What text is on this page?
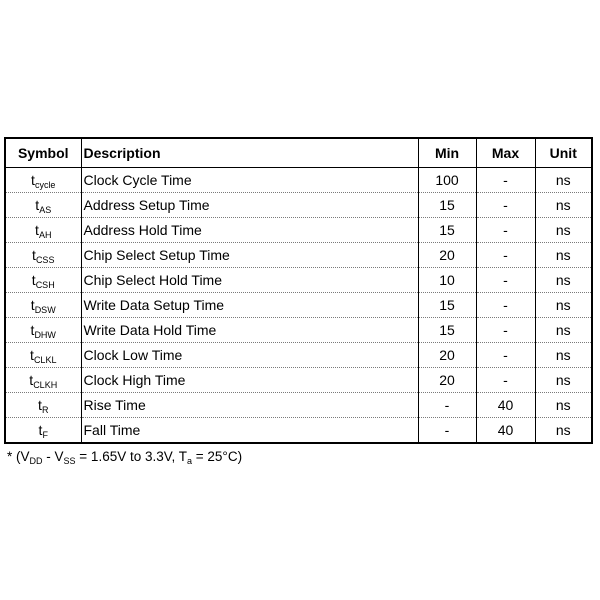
Symbol	Description	Min	Max	Unit
$t_{cycle}$	Clock Cycle Time	100	-	ns
$t_{AS}$	Address Setup Time	15	-	ns
$t_{AH}$	Address Hold Time	15	-	ns
$t_{CSS}$	Chip Select Setup Time	20	-	ns
$t_{CSH}$	Chip Select Hold Time	10	-	ns
$t_{DSW}$	Write Data Setup Time	15	-	ns
$t_{DHW}$	Write Data Hold Time	15	-	ns
$t_{CLKL}$	Clock Low Time	20	-	ns
$t_{CLKH}$	Clock High Time	20	-	ns
$t_R$	Rise Time	-	40	ns
$t_F$	Fall Time	-	40	ns
* ($V_{DD} - V_{SS} = 1.65V$ to 3.3V, $T_a = 25^\circ C$)
